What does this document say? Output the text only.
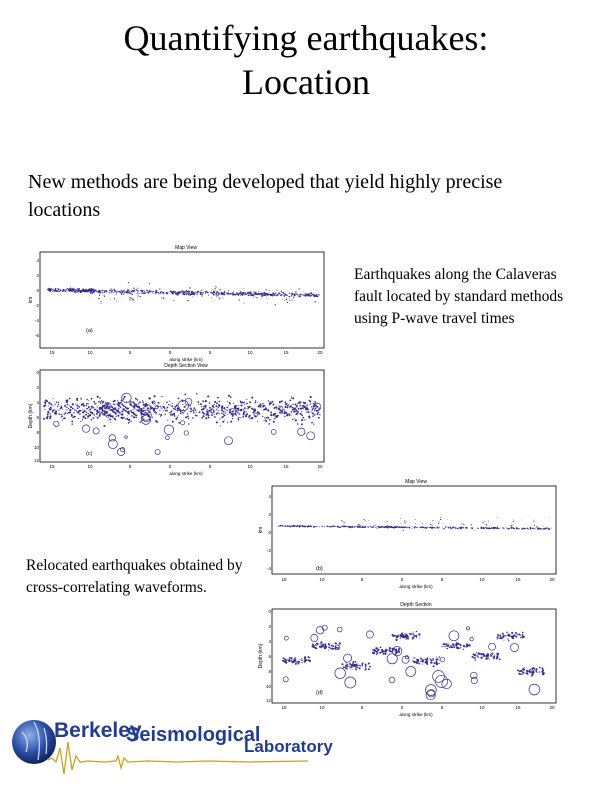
Quantifying earthquakes:
Location
New methods are being developed that yield highly precise locations
Map View
km
4
2
0
-2
-4
-6
(a)
15	10	5	0	5	10	15	20
along strike (km)
Depth Section View
Depth (km)
0
2
4
6
8
10
12
(c)
15	10	5	0	5	10	15	20
along strike (km)
Earthquakes along the Calaveras fault located by standard methods using P-wave travel times
Map View
km
4
2
0
-2
-4	(b)
15	10	5	0	5	10	15	20
along strike (km)
Depth Section
Depth (km)
0
2
4
6
8
10
12
(d)
15	10	5	0	5	10	15	20
along strike (km)
Relocated earthquakes obtained by cross-correlating waveforms.
Berkeley
Seismological
Laboratory
